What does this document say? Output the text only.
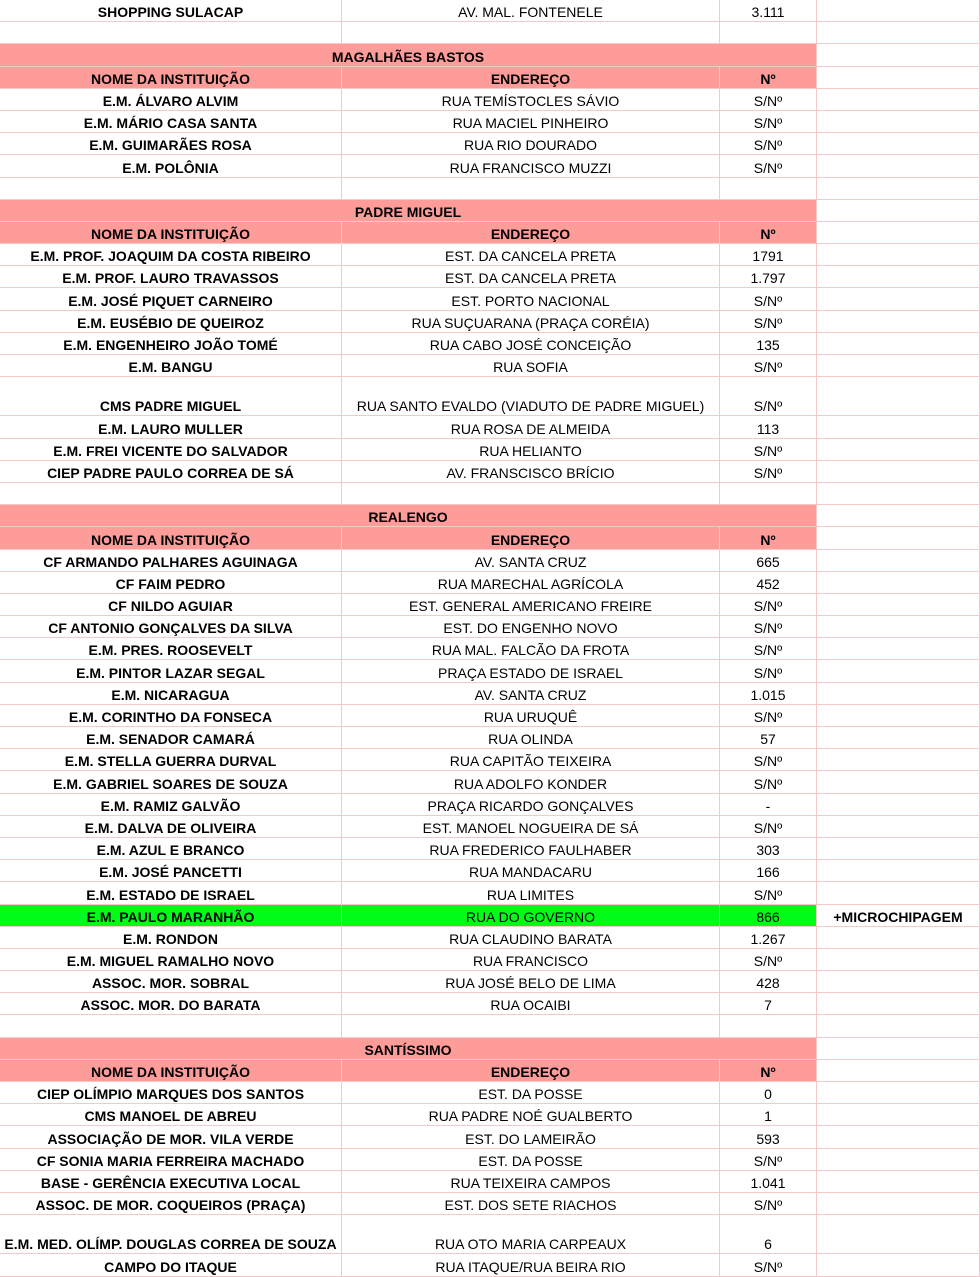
SHOPPING SULACAP	AV. MAL. FONTENELE	3.111
MAGALHÃES BASTOS
NOME DA INSTITUIÇÃO	ENDEREÇO	Nº
E.M. ÁLVARO ALVIM	RUA TEMÍSTOCLES SÁVIO	S/Nº
E.M. MÁRIO CASA SANTA	RUA MACIEL PINHEIRO	S/Nº
E.M. GUIMARÃES ROSA	RUA RIO DOURADO	S/Nº
E.M. POLÔNIA	RUA FRANCISCO MUZZI	S/Nº
PADRE MIGUEL
NOME DA INSTITUIÇÃO	ENDEREÇO	Nº
E.M. PROF. JOAQUIM DA COSTA RIBEIRO	EST. DA CANCELA PRETA	1791
E.M. PROF. LAURO TRAVASSOS	EST. DA CANCELA PRETA	1.797
E.M. JOSÉ PIQUET CARNEIRO	EST. PORTO NACIONAL	S/Nº
E.M. EUSÉBIO DE QUEIROZ	RUA SUÇUARANA (PRAÇA CORÉIA)	S/Nº
E.M. ENGENHEIRO JOÃO TOMÉ	RUA CABO JOSÉ CONCEIÇÃO	135
E.M. BANGU	RUA SOFIA	S/Nº
CMS PADRE MIGUEL	RUA SANTO EVALDO (VIADUTO DE PADRE MIGUEL)	S/Nº
E.M. LAURO MULLER	RUA ROSA DE ALMEIDA	113
E.M. FREI VICENTE DO SALVADOR	RUA HELIANTO	S/Nº
CIEP PADRE PAULO CORREA DE SÁ	AV. FRANSCISCO BRÍCIO	S/Nº
REALENGO
NOME DA INSTITUIÇÃO	ENDEREÇO	Nº
CF ARMANDO PALHARES AGUINAGA	AV. SANTA CRUZ	665
CF FAIM PEDRO	RUA MARECHAL AGRÍCOLA	452
CF NILDO AGUIAR	EST. GENERAL AMERICANO FREIRE	S/Nº
CF ANTONIO GONÇALVES DA SILVA	EST. DO ENGENHO NOVO	S/Nº
E.M. PRES. ROOSEVELT	RUA MAL. FALCÃO DA FROTA	S/Nº
E.M. PINTOR LAZAR SEGAL	PRAÇA ESTADO DE ISRAEL	S/Nº
E.M. NICARAGUA	AV. SANTA CRUZ	1.015
E.M. CORINTHO DA FONSECA	RUA URUQUÊ	S/Nº
E.M. SENADOR CAMARÁ	RUA OLINDA	57
E.M. STELLA GUERRA DURVAL	RUA CAPITÃO TEIXEIRA	S/Nº
E.M. GABRIEL SOARES DE SOUZA	RUA ADOLFO KONDER	S/Nº
E.M. RAMIZ GALVÃO	PRAÇA RICARDO GONÇALVES	-
E.M. DALVA DE OLIVEIRA	EST. MANOEL NOGUEIRA DE SÁ	S/Nº
E.M. AZUL E BRANCO	RUA FREDERICO FAULHABER	303
E.M. JOSÉ PANCETTI	RUA MANDACARU	166
E.M. ESTADO DE ISRAEL	RUA LIMITES	S/Nº
E.M. PAULO MARANHÃO	RUA DO GOVERNO	866	+MICROCHIPAGEM
E.M. RONDON	RUA CLAUDINO BARATA	1.267
E.M. MIGUEL RAMALHO NOVO	RUA FRANCISCO	S/Nº
ASSOC. MOR. SOBRAL	RUA JOSÉ BELO DE LIMA	428
ASSOC. MOR. DO BARATA	RUA OCAIBI	7
SANTÍSSIMO
NOME DA INSTITUIÇÃO	ENDEREÇO	Nº
CIEP OLÍMPIO MARQUES DOS SANTOS	EST. DA POSSE	0
CMS MANOEL DE ABREU	RUA PADRE NOÉ GUALBERTO	1
ASSOCIAÇÃO DE MOR. VILA VERDE	EST. DO LAMEIRÃO	593
CF SONIA MARIA FERREIRA MACHADO	EST. DA POSSE	S/Nº
BASE - GERÊNCIA EXECUTIVA LOCAL	RUA TEIXEIRA CAMPOS	1.041
ASSOC. DE MOR. COQUEIROS (PRAÇA)	EST. DOS SETE RIACHOS	S/Nº
E.M. MED. OLÍMP. DOUGLAS CORREA DE SOUZA	RUA OTO MARIA CARPEAUX	6
CAMPO DO ITAQUE	RUA ITAQUE/RUA BEIRA RIO	S/Nº
